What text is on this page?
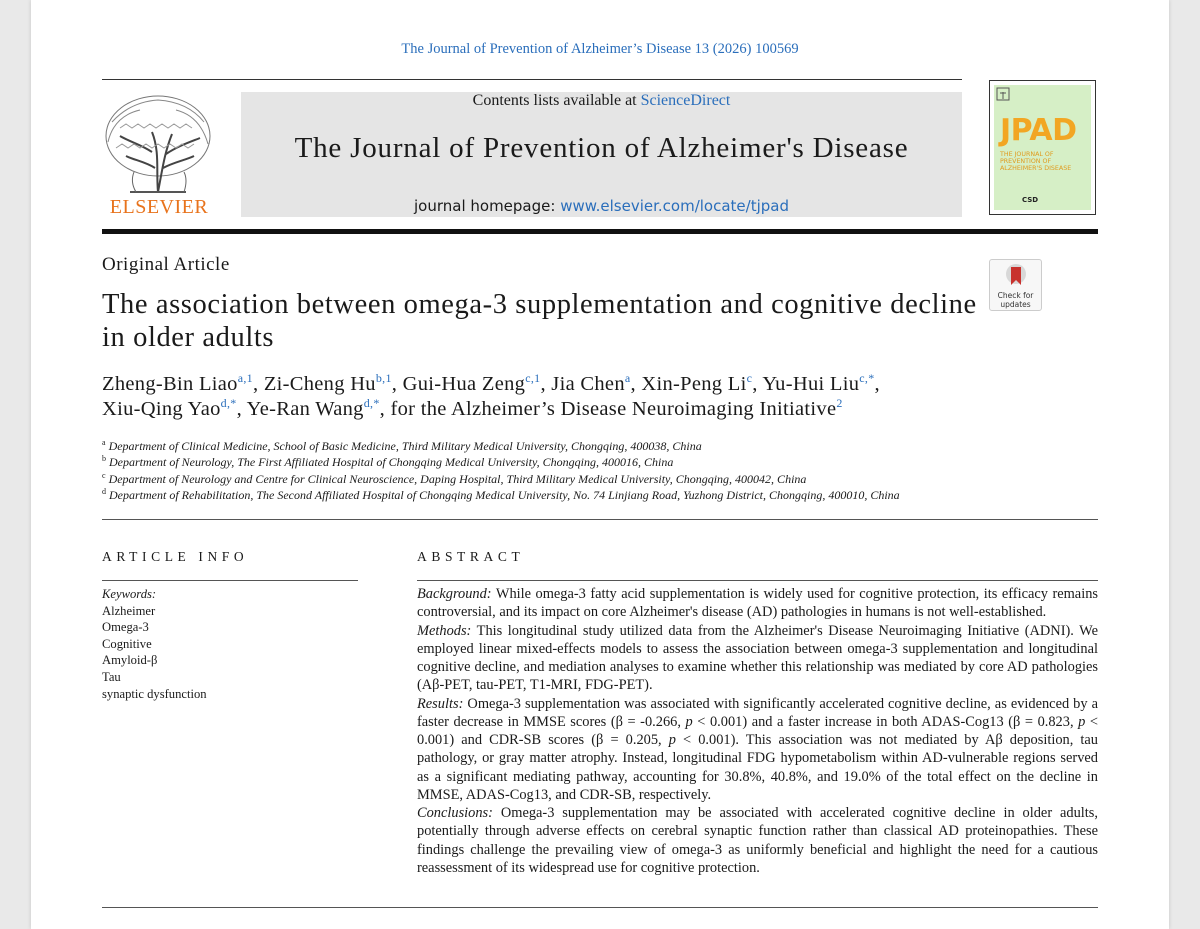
The Journal of Prevention of Alzheimer’s Disease 13 (2026) 100569
ELSEVIER
Contents lists available at ScienceDirect
The Journal of Prevention of Alzheimer's Disease
journal homepage: www.elsevier.com/locate/tjpad
JPAD
THE JOURNAL OF PREVENTION OF ALZHEIMER'S DISEASE
CSD
Original Article
The association between omega-3 supplementation and cognitive decline in older adults
Check for updates
Zheng-Bin Liao$^{a,1}$, Zi-Cheng Hu$^{b,1}$, Gui-Hua Zeng$^{c,1}$, Jia Chen$^a$, Xin-Peng Li$^c$, Yu-Hui Liu$^{c,*}$,
Xiu-Qing Yao$^{d,*}$, Ye-Ran Wang$^{d,*}$, for the Alzheimer’s Disease Neuroimaging Initiative$^2$
$^a$ Department of Clinical Medicine, School of Basic Medicine, Third Military Medical University, Chongqing, 400038, China
$^b$ Department of Neurology, The First Affiliated Hospital of Chongqing Medical University, Chongqing, 400016, China
$^c$ Department of Neurology and Centre for Clinical Neuroscience, Daping Hospital, Third Military Medical University, Chongqing, 400042, China
$^d$ Department of Rehabilitation, The Second Affiliated Hospital of Chongqing Medical University, No. 74 Linjiang Road, Yuzhong District, Chongqing, 400010, China
ARTICLE INFO
Keywords:
Alzheimer
Omega-3
Cognitive
Amyloid-β
Tau
synaptic dysfunction
ABSTRACT

Background: While omega-3 fatty acid supplementation is widely used for cognitive protection, its efficacy remains controversial, and its impact on core Alzheimer's disease (AD) pathologies in humans is not well-established.

Methods: This longitudinal study utilized data from the Alzheimer's Disease Neuroimaging Initiative (ADNI). We employed linear mixed-effects models to assess the association between omega-3 supplementation and longitudinal cognitive decline, and mediation analyses to examine whether this relationship was mediated by core AD pathologies (Aβ-PET, tau-PET, T1-MRI, FDG-PET).

Results: Omega-3 supplementation was associated with significantly accelerated cognitive decline, as evidenced by a faster decrease in MMSE scores (β = -0.266, p < 0.001) and a faster increase in both ADAS-Cog13 (β = 0.823, p < 0.001) and CDR-SB scores (β = 0.205, p < 0.001). This association was not mediated by Aβ deposition, tau pathology, or gray matter atrophy. Instead, longitudinal FDG hypometabolism within AD-vulnerable regions served as a significant mediating pathway, accounting for 30.8%, 40.8%, and 19.0% of the total effect on the decline in MMSE, ADAS-Cog13, and CDR-SB, respectively.

Conclusions: Omega-3 supplementation may be associated with accelerated cognitive decline in older adults, potentially through adverse effects on cerebral synaptic function rather than classical AD proteinopathies. These findings challenge the prevailing view of omega-3 as uniformly beneficial and highlight the need for a cautious reassessment of its widespread use for cognitive protection.
